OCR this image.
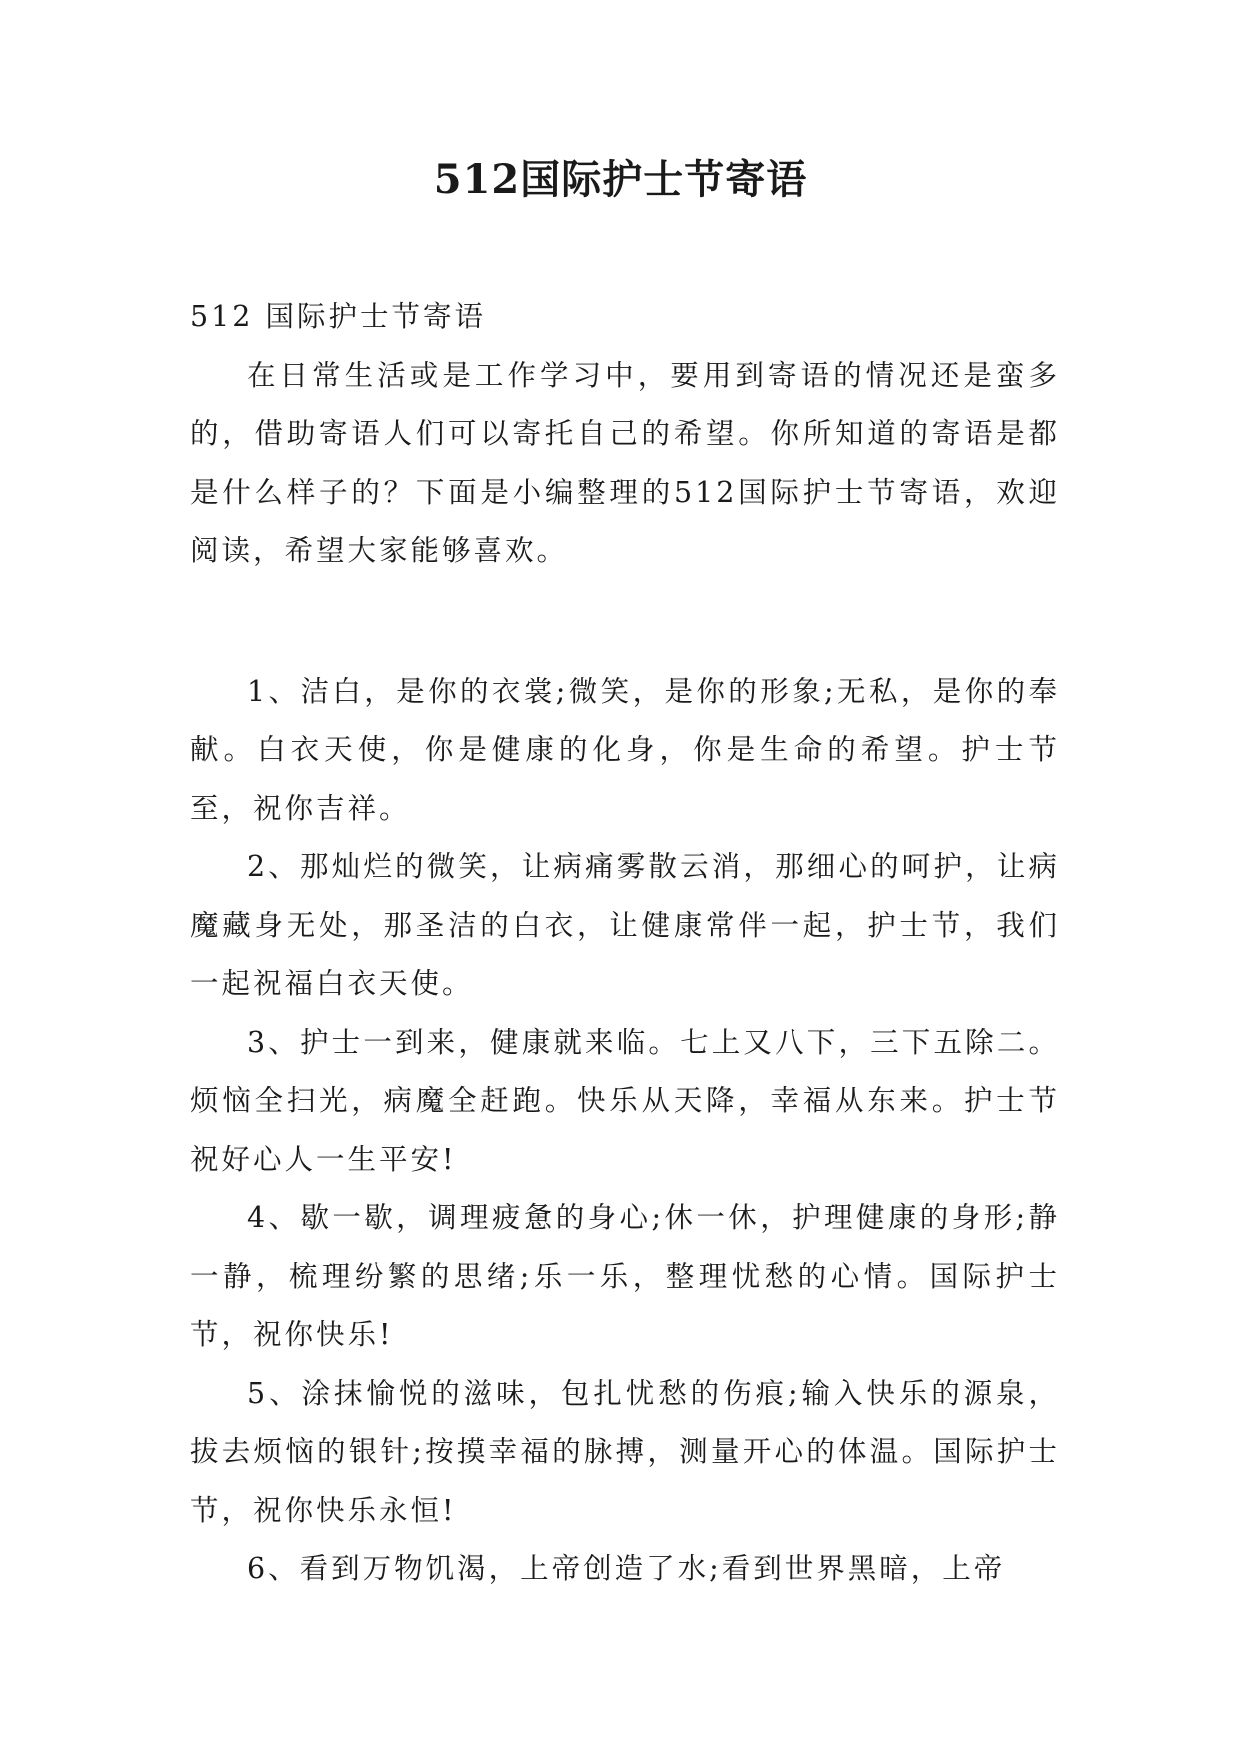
512国际护士节寄语

512 国际护士节寄语

在日常生活或是工作学习中，要用到寄语的情况还是蛮多的，借助寄语人们可以寄托自己的希望。你所知道的寄语是都是什么样子的？下面是小编整理的512国际护士节寄语，欢迎阅读，希望大家能够喜欢。

1、洁白，是你的衣裳;微笑，是你的形象;无私，是你的奉献。白衣天使，你是健康的化身，你是生命的希望。护士节至，祝你吉祥。

2、那灿烂的微笑，让病痛雾散云消，那细心的呵护，让病魔藏身无处，那圣洁的白衣，让健康常伴一起，护士节，我们一起祝福白衣天使。

3、护士一到来，健康就来临。七上又八下，三下五除二。烦恼全扫光，病魔全赶跑。快乐从天降，幸福从东来。护士节祝好心人一生平安!

4、歇一歇，调理疲惫的身心;休一休，护理健康的身形;静一静，梳理纷繁的思绪;乐一乐，整理忧愁的心情。国际护士节，祝你快乐!

5、涂抹愉悦的滋味，包扎忧愁的伤痕;输入快乐的源泉，拔去烦恼的银针;按摸幸福的脉搏，测量开心的体温。国际护士节，祝你快乐永恒!

6、看到万物饥渴，上帝创造了水;看到世界黑暗，上帝
